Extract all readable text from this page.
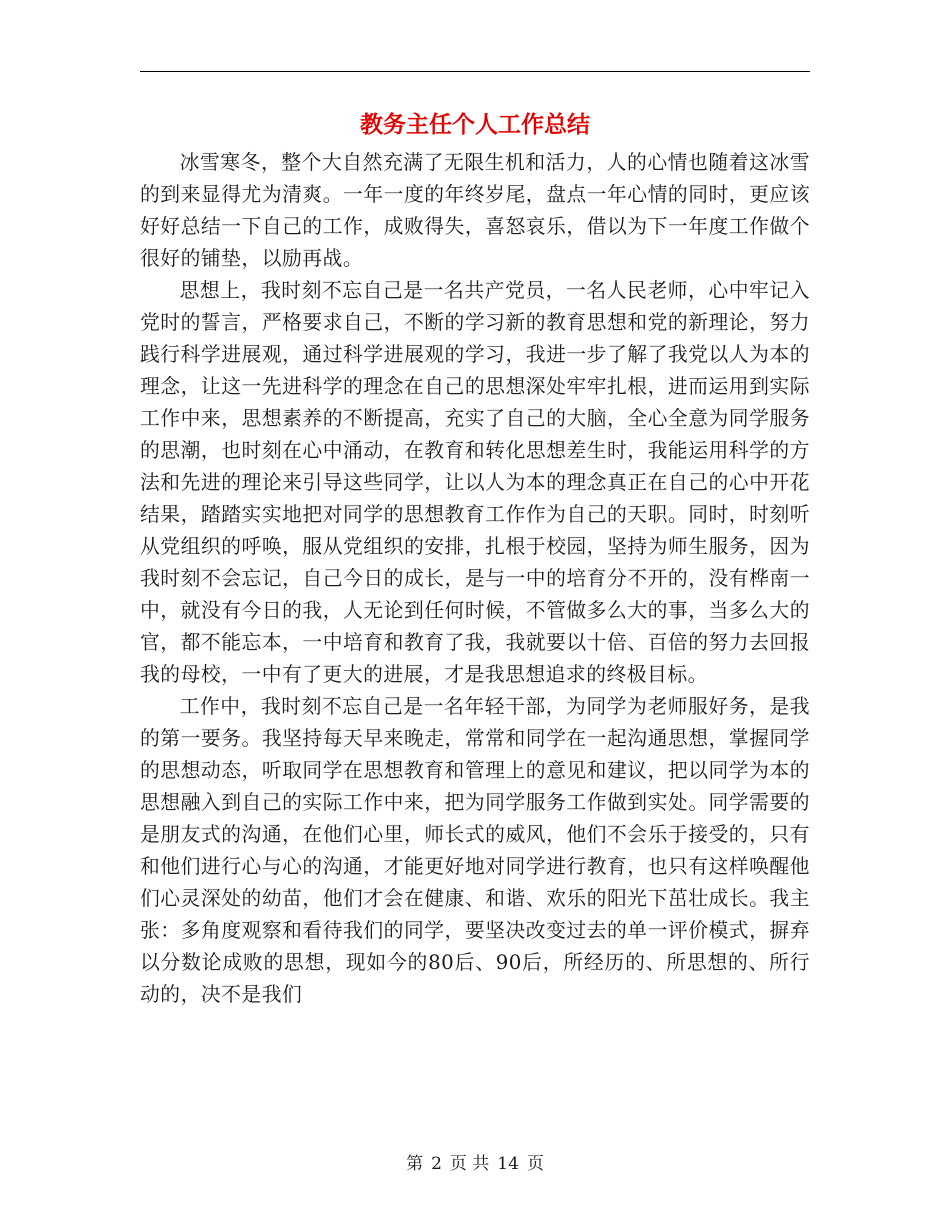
教务主任个人工作总结

冰雪寒冬，整个大自然充满了无限生机和活力，人的心情也随着这冰雪的到来显得尤为清爽。一年一度的年终岁尾，盘点一年心情的同时，更应该好好总结一下自己的工作，成败得失，喜怒哀乐，借以为下一年度工作做个很好的铺垫，以励再战。

思想上，我时刻不忘自己是一名共产党员，一名人民老师，心中牢记入党时的誓言，严格要求自己，不断的学习新的教育思想和党的新理论，努力践行科学进展观，通过科学进展观的学习，我进一步了解了我党以人为本的理念，让这一先进科学的理念在自己的思想深处牢牢扎根，进而运用到实际工作中来，思想素养的不断提高，充实了自己的大脑，全心全意为同学服务的思潮，也时刻在心中涌动，在教育和转化思想差生时，我能运用科学的方法和先进的理论来引导这些同学，让以人为本的理念真正在自己的心中开花结果，踏踏实实地把对同学的思想教育工作作为自己的天职。同时，时刻听从党组织的呼唤，服从党组织的安排，扎根于校园，坚持为师生服务，因为我时刻不会忘记，自己今日的成长，是与一中的培育分不开的，没有桦南一中，就没有今日的我，人无论到任何时候，不管做多么大的事，当多么大的官，都不能忘本，一中培育和教育了我，我就要以十倍、百倍的努力去回报我的母校，一中有了更大的进展，才是我思想追求的终极目标。

工作中，我时刻不忘自己是一名年轻干部，为同学为老师服好务，是我的第一要务。我坚持每天早来晚走，常常和同学在一起沟通思想，掌握同学的思想动态，听取同学在思想教育和管理上的意见和建议，把以同学为本的思想融入到自己的实际工作中来，把为同学服务工作做到实处。同学需要的是朋友式的沟通，在他们心里，师长式的威风，他们不会乐于接受的，只有和他们进行心与心的沟通，才能更好地对同学进行教育，也只有这样唤醒他们心灵深处的幼苗，他们才会在健康、和谐、欢乐的阳光下茁壮成长。我主张：多角度观察和看待我们的同学，要坚决改变过去的单一评价模式，摒弃以分数论成败的思想，现如今的80后、90后，所经历的、所思想的、所行动的，决不是我们

第 2 页 共 14 页
